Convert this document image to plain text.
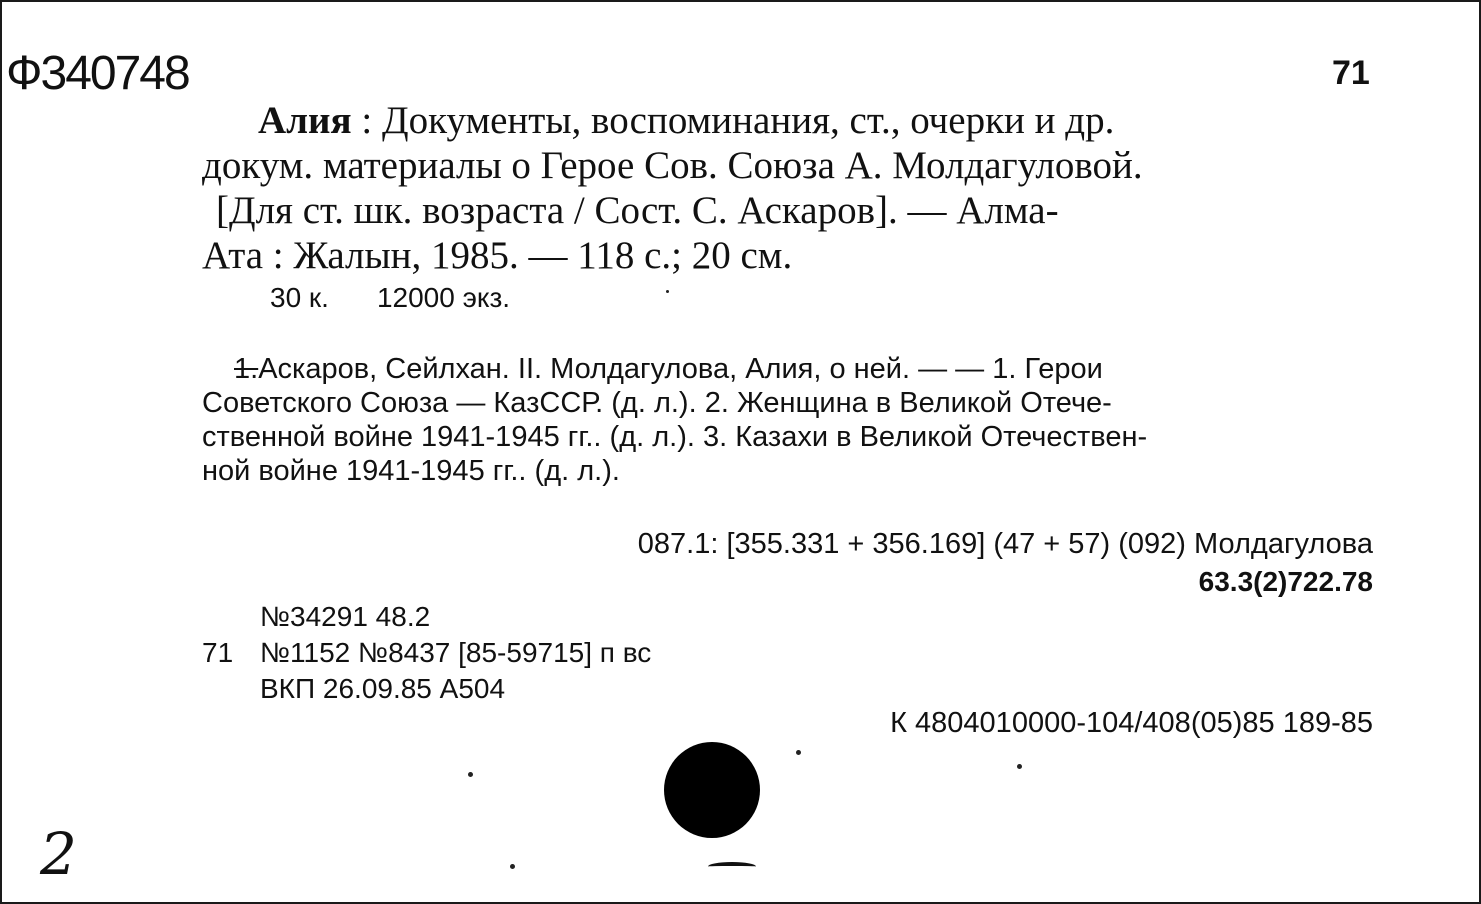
Ф340748	71
Алия : Документы, воспоминания, ст., очерки и др.
докум. материалы о Герое Сов. Союза А. Молдагуловой.
[Для ст. шк. возраста / Сост. С. Аскаров]. — Алма-
Ата : Жалын, 1985. — 118 с.; 20 см.
30 к. 12000 экз.
1.Аскаров, Сейлхан. II. Молдагулова, Алия, о ней. — — 1. Герои
Советского Союза — КазССР. (д. л.). 2. Женщина в Великой Отече-
ственной войне 1941-1945 гг.. (д. л.). 3. Казахи в Великой Отечествен-
ной войне 1941-1945 гг.. (д. л.).
087.1: [355.331 + 356.169] (47 + 57) (092) Молдагулова
63.3(2)722.78
№34291 48.2
71 №1152 №8437 [85-59715] п вс
ВКП 26.09.85 А504
К 4804010000-104/408(05)85 189-85
2
